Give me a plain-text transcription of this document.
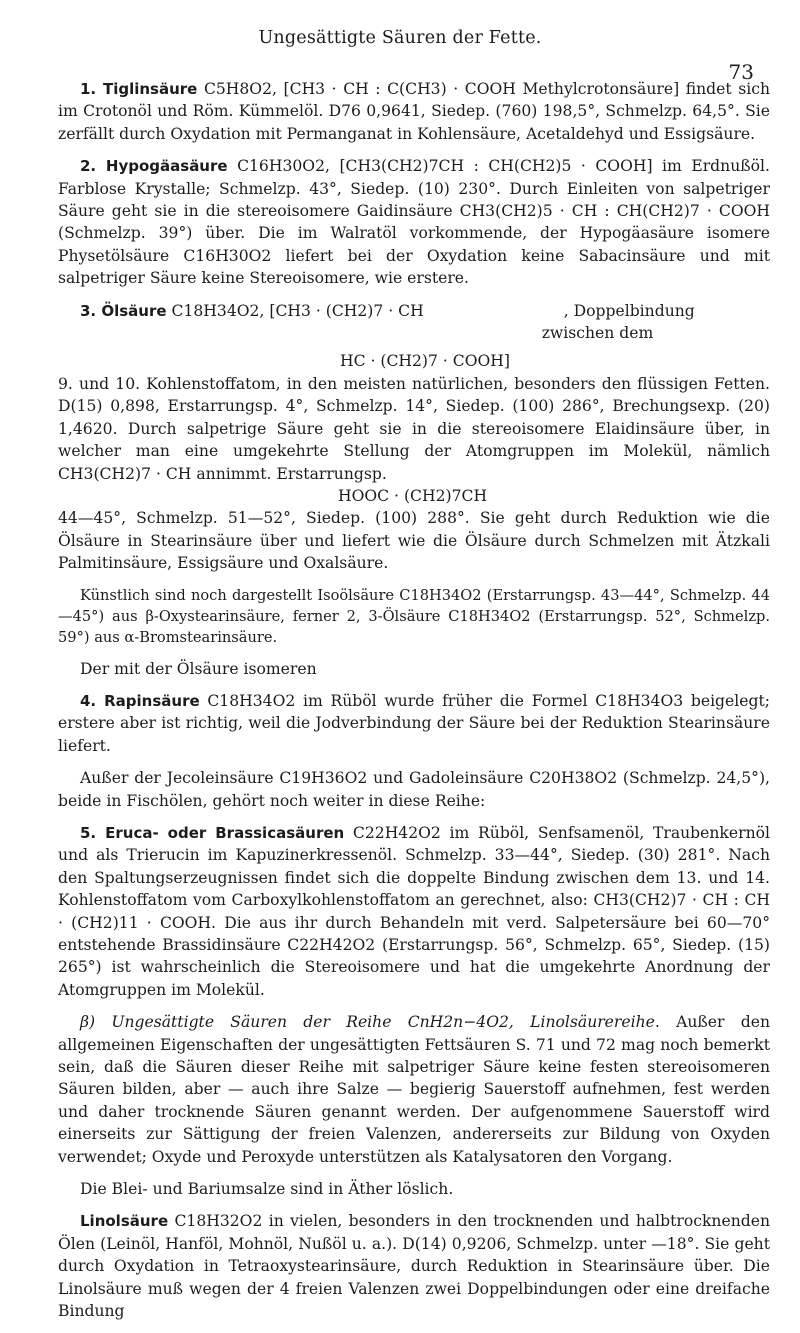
Ungesättigte Säuren der Fette.
73

1. Tiglinsäure C5H8O2, [CH3 · CH : C(CH3) · COOH Methylcrotonsäure] findet sich im Crotonöl und Röm. Kümmelöl. D76 0,9641, Siedep. (760) 198,5°, Schmelzp. 64,5°. Sie zerfällt durch Oxydation mit Permanganat in Kohlensäure, Acetaldehyd und Essigsäure.

2. Hypogäasäure C16H30O2, [CH3(CH2)7CH : CH(CH2)5 · COOH] im Erdnußöl. Farblose Krystalle; Schmelzp. 43°, Siedep. (10) 230°. Durch Einleiten von salpetriger Säure geht sie in die stereoisomere Gaidinsäure CH3(CH2)5 · CH : CH(CH2)7 · COOH (Schmelzp. 39°) über. Die im Walratöl vorkommende, der Hypogäasäure isomere Physetölsäure C16H30O2 liefert bei der Oxydation keine Sabacinsäure und mit salpetriger Säure keine Stereoisomere, wie erstere.

3. Ölsäure C18H34O2, [CH3 · (CH2)7 · CH	, Doppelbindung zwischen dem
HC · (CH2)7 · COOH]

9. und 10. Kohlenstoffatom, in den meisten natürlichen, besonders den flüssigen Fetten. D(15) 0,898, Erstarrungsp. 4°, Schmelzp. 14°, Siedep. (100) 286°, Brechungsexp. (20) 1,4620. Durch salpetrige Säure geht sie in die stereoisomere Elaidinsäure über, in welcher man eine umgekehrte Stellung der Atomgruppen im Molekül, nämlich CH3(CH2)7 · CH annimmt. Erstarrungsp.

HOOC · (CH2)7CH

44—45°, Schmelzp. 51—52°, Siedep. (100) 288°. Sie geht durch Reduktion wie die Ölsäure in Stearinsäure über und liefert wie die Ölsäure durch Schmelzen mit Ätzkali Palmitinsäure, Essigsäure und Oxalsäure.

Künstlich sind noch dargestellt Isoölsäure C18H34O2 (Erstarrungsp. 43—44°, Schmelzp. 44—45°) aus β-Oxystearinsäure, ferner 2, 3-Ölsäure C18H34O2 (Erstarrungsp. 52°, Schmelzp. 59°) aus α-Bromstearinsäure.

Der mit der Ölsäure isomeren

4. Rapinsäure C18H34O2 im Rüböl wurde früher die Formel C18H34O3 beigelegt; erstere aber ist richtig, weil die Jodverbindung der Säure bei der Reduktion Stearinsäure liefert.

Außer der Jecoleinsäure C19H36O2 und Gadoleinsäure C20H38O2 (Schmelzp. 24,5°), beide in Fischölen, gehört noch weiter in diese Reihe:

5. Eruca- oder Brassicasäuren C22H42O2 im Rüböl, Senfsamenöl, Traubenkernöl und als Trierucin im Kapuzinerkressenöl. Schmelzp. 33—44°, Siedep. (30) 281°. Nach den Spaltungserzeugnissen findet sich die doppelte Bindung zwischen dem 13. und 14. Kohlenstoffatom vom Carboxylkohlenstoffatom an gerechnet, also: CH3(CH2)7 · CH : CH · (CH2)11 · COOH. Die aus ihr durch Behandeln mit verd. Salpetersäure bei 60—70° entstehende Brassidinsäure C22H42O2 (Erstarrungsp. 56°, Schmelzp. 65°, Siedep. (15) 265°) ist wahrscheinlich die Stereoisomere und hat die umgekehrte Anordnung der Atomgruppen im Molekül.

β) Ungesättigte Säuren der Reihe CnH2n−4O2, Linolsäurereihe. Außer den allgemeinen Eigenschaften der ungesättigten Fettsäuren S. 71 und 72 mag noch bemerkt sein, daß die Säuren dieser Reihe mit salpetriger Säure keine festen stereoisomeren Säuren bilden, aber — auch ihre Salze — begierig Sauerstoff aufnehmen, fest werden und daher trocknende Säuren genannt werden. Der aufgenommene Sauerstoff wird einerseits zur Sättigung der freien Valenzen, andererseits zur Bildung von Oxyden verwendet; Oxyde und Peroxyde unterstützen als Katalysatoren den Vorgang.

Die Blei- und Bariumsalze sind in Äther löslich.

Linolsäure C18H32O2 in vielen, besonders in den trocknenden und halbtrocknenden Ölen (Leinöl, Hanföl, Mohnöl, Nußöl u. a.). D(14) 0,9206, Schmelzp. unter —18°. Sie geht durch Oxydation in Tetraoxystearinsäure, durch Reduktion in Stearinsäure über. Die Linolsäure muß wegen der 4 freien Valenzen zwei Doppelbindungen oder eine dreifache Bindung
